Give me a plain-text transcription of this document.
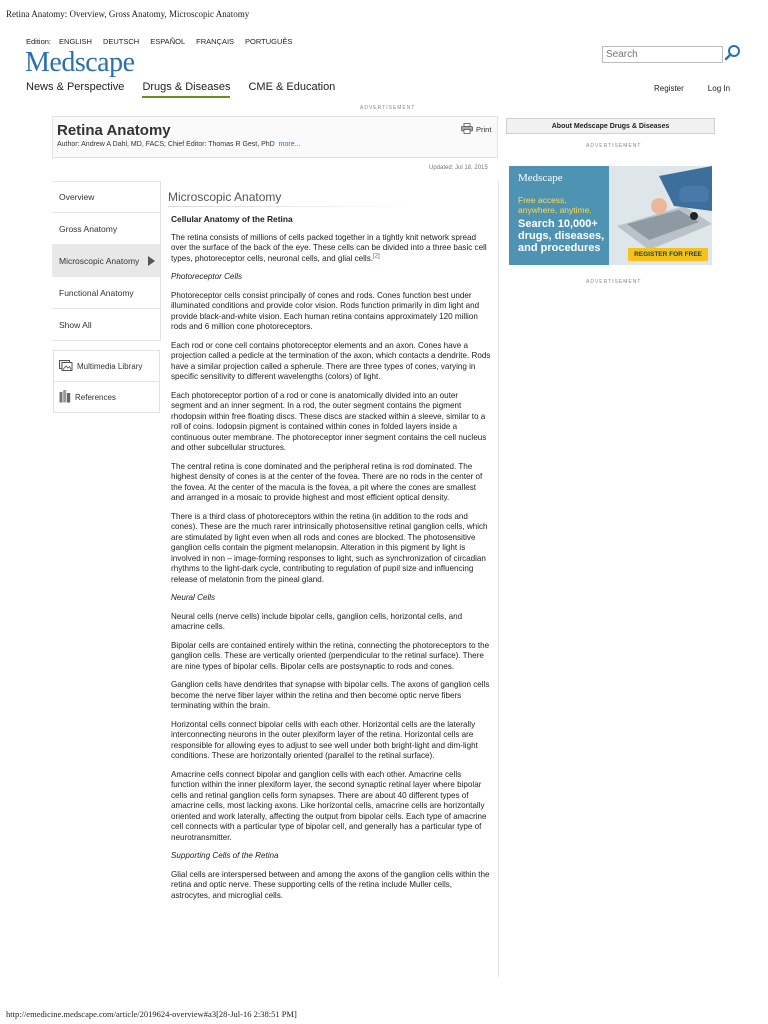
Retina Anatomy: Overview, Gross Anatomy, Microscopic Anatomy
Edition: ENGLISH DEUTSCH ESPAÑOL FRANÇAIS PORTUGUÊS
Medscape
Search
News & Perspective Drugs & Diseases CME & Education	Register	Log In
ADVERTISEMENT
Retina Anatomy
Author: Andrew A Dahl, MD, FACS; Chief Editor: Thomas R Gest, PhD more...
Print
Updated: Jul 18, 2015
Overview
Gross Anatomy
Microscopic Anatomy
Functional Anatomy
Show All
Multimedia Library
References
Microscopic Anatomy

Cellular Anatomy of the Retina

The retina consists of millions of cells packed together in a tightly knit network spread over the surface of the back of the eye. These cells can be divided into a three basic cell types, photoreceptor cells, neuronal cells, and glial cells.[2]

Photoreceptor Cells

Photoreceptor cells consist principally of cones and rods. Cones function best under illuminated conditions and provide color vision. Rods function primarily in dim light and provide black-and-white vision. Each human retina contains approximately 120 million rods and 6 million cone photoreceptors.

Each rod or cone cell contains photoreceptor elements and an axon. Cones have a projection called a pedicle at the termination of the axon, which contacts a dendrite. Rods have a similar projection called a spherule. There are three types of cones, varying in specific sensitivity to different wavelengths (colors) of light.

Each photoreceptor portion of a rod or cone is anatomically divided into an outer segment and an inner segment. In a rod, the outer segment contains the pigment rhodopsin within free floating discs. These discs are stacked within a sleeve, similar to a roll of coins. Iodopsin pigment is contained within cones in folded layers inside a continuous outer membrane. The photoreceptor inner segment contains the cell nucleus and other subcellular structures.

The central retina is cone dominated and the peripheral retina is rod dominated. The highest density of cones is at the center of the fovea. There are no rods in the center of the fovea. At the center of the macula is the fovea, a pit where the cones are smallest and arranged in a mosaic to provide highest and most efficient optical density.

There is a third class of photoreceptors within the retina (in addition to the rods and cones). These are the much rarer intrinsically photosensitive retinal ganglion cells, which are stimulated by light even when all rods and cones are blocked. The photosensitive ganglion cells contain the pigment melanopsin. Alteration in this pigment by light is involved in non – image-forming responses to light, such as synchronization of circadian rhythms to the light-dark cycle, contributing to regulation of pupil size and influencing release of melatonin from the pineal gland.

Neural Cells

Neural cells (nerve cells) include bipolar cells, ganglion cells, horizontal cells, and amacrine cells.

Bipolar cells are contained entirely within the retina, connecting the photoreceptors to the ganglion cells. These are vertically oriented (perpendicular to the retinal surface). There are nine types of bipolar cells. Bipolar cells are postsynaptic to rods and cones.

Ganglion cells have dendrites that synapse with bipolar cells. The axons of ganglion cells become the nerve fiber layer within the retina and then become optic nerve fibers terminating within the brain.

Horizontal cells connect bipolar cells with each other. Horizontal cells are the laterally interconnecting neurons in the outer plexiform layer of the retina. Horizontal cells are responsible for allowing eyes to adjust to see well under both bright-light and dim-light conditions. These are horizontally oriented (parallel to the retinal surface).

Amacrine cells connect bipolar and ganglion cells with each other. Amacrine cells function within the inner plexiform layer, the second synaptic retinal layer where bipolar cells and retinal ganglion cells form synapses. There are about 40 different types of amacrine cells, most lacking axons. Like horizontal cells, amacrine cells are horizontally oriented and work laterally, affecting the output from bipolar cells. Each type of amacrine cell connects with a particular type of bipolar cell, and generally has a particular type of neurotransmitter.

Supporting Cells of the Retina

Glial cells are interspersed between and among the axons of the ganglion cells within the retina and optic nerve. These supporting cells of the retina include Muller cells, astrocytes, and microglial cells.

About Medscape Drugs & Diseases
ADVERTISEMENT
Medscape
Free access,
anywhere, anytime.
Search 10,000+
drugs, diseases,
and procedures
REGISTER FOR FREE
ADVERTISEMENT
http://emedicine.medscape.com/article/2019624-overview#a3[28-Jul-16 2:38:51 PM]
